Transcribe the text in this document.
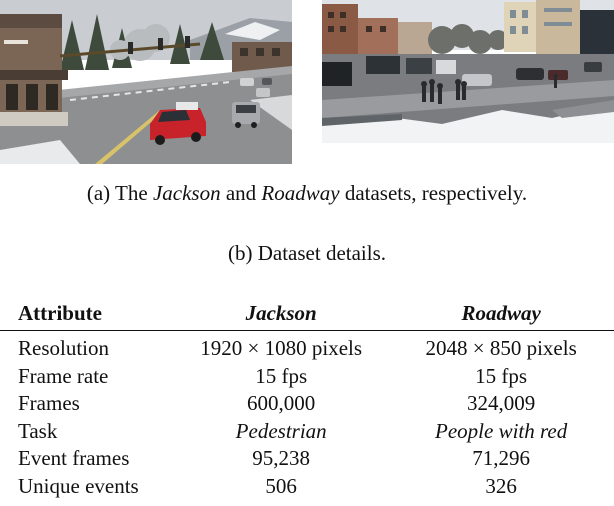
(a) The Jackson and Roadway datasets, respectively.
(b) Dataset details.
Attribute	Jackson	Roadway
Resolution	1920 × 1080 pixels	2048 × 850 pixels
Frame rate	15 fps	15 fps
Frames	600,000	324,009
Task	Pedestrian	People with red
Event frames	95,238	71,296
Unique events	506	326
